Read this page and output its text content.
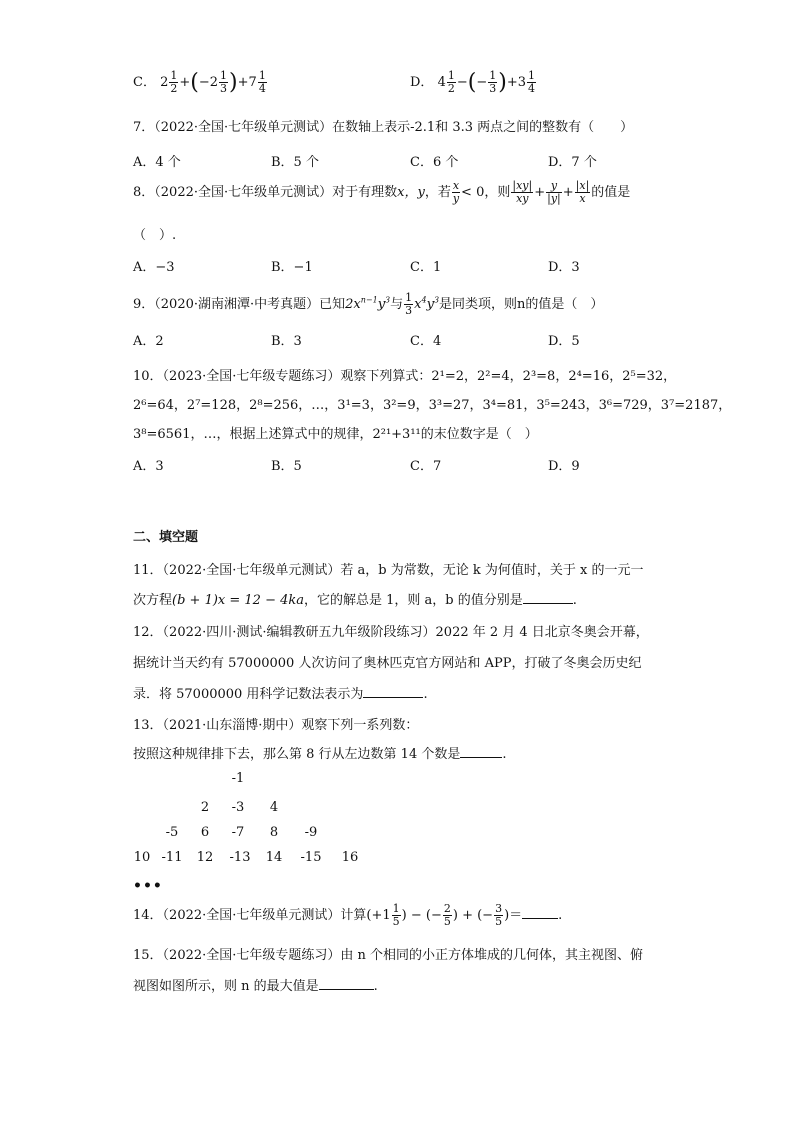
C． $2 \frac{1}{2} +(-2 \frac{1}{3} )+7 \frac{1}{4}$	D． $4 \frac{1}{2}$ −(− $\frac{1}{3} )+3 \frac{1}{4}$
7．（2022·全国·七年级单元测试）在数轴上表示-2.1和 3.3 两点之间的整数有（　　）
A．4 个	B．5 个	C．6 个	D．7 个
8．（2022·全国·七年级单元测试）对于有理数x，y，若 $\frac{x}{y} < 0$，则 $\frac{|xy|}{xy} + \frac{y}{|y|} + \frac{|x|}{x}$ 的值是
（　）.
A．−3	B．−1	C．1	D．3
9．（2020·湖南湘潭·中考真题）已知$2x^{n-1}y^3$与 $\frac{1}{3} x^4y^3$是同类项，则n的值是（　）
A．2	B．3	C．4	D．5
10．（2023·全国·七年级专题练习）观察下列算式：2¹=2，2²=4，2³=8，2⁴=16，2⁵=32，
2⁶=64，2⁷=128，2⁸=256，…，3¹=3，3²=9，3³=27，3⁴=81，3⁵=243，3⁶=729，3⁷=2187，
3⁸=6561，…，根据上述算式中的规律，2²¹+3¹¹的末位数字是（　）
A．3	B．5	C．7	D．9
二、填空题
11．（2022·全国·七年级单元测试）若 a，b 为常数，无论 k 为何值时，关于 x 的一元一
次方程(b + 1)x = 12 − 4ka，它的解总是 1，则 a，b 的值分别是	.
12．（2022·四川·测试·编辑教研五九年级阶段练习）2022 年 2 月 4 日北京冬奥会开幕，
据统计当天约有 57000000 人次访问了奥林匹克官方网站和 APP，打破了冬奥会历史纪
录．将 57000000 用科学记数法表示为	.
13．（2021·山东淄博·期中）观察下列一系列数：
按照这种规律排下去，那么第 8 行从左边数第 14 个数是	.
-1
2	-3	4
-5	6	-7	8	-9
10 -11 12 -13 14 -15 16
•••
14．（2022·全国·七年级单元测试）计算($+1 \frac{1}{5}$ ) − (− $\frac{2}{5}$ ) + (− $\frac{3}{5}$ )＝	.
15．（2022·全国·七年级专题练习）由 n 个相同的小正方体堆成的几何体，其主视图、俯
视图如图所示，则 n 的最大值是	.
